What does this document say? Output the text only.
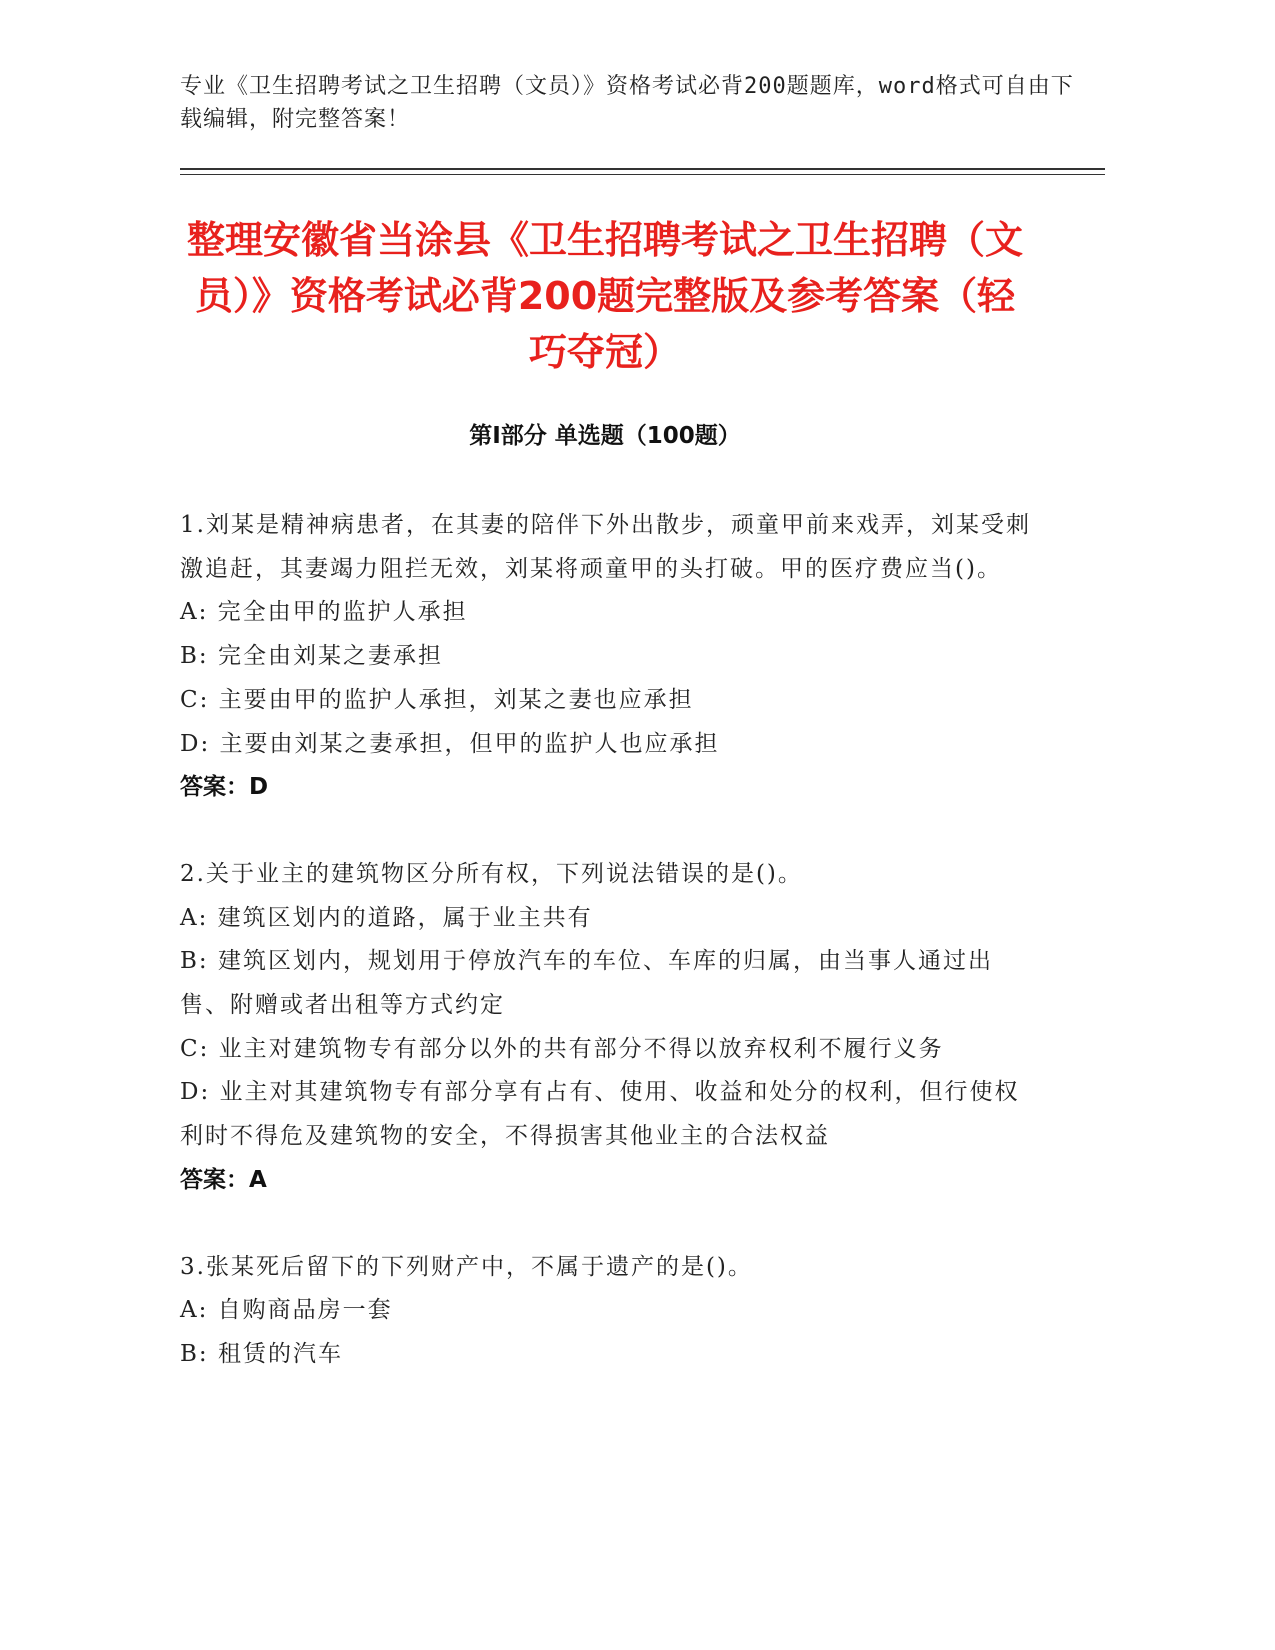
专业《卫生招聘考试之卫生招聘（文员）》资格考试必背200题题库，word格式可自由下载编辑，附完整答案！
整理安徽省当涂县《卫生招聘考试之卫生招聘（文员）》资格考试必背200题完整版及参考答案（轻巧夺冠）
第Ⅰ部分 单选题（100题）

1.刘某是精神病患者，在其妻的陪伴下外出散步，顽童甲前来戏弄，刘某受刺激追赶，其妻竭力阻拦无效，刘某将顽童甲的头打破。甲的医疗费应当()。

A: 完全由甲的监护人承担

B: 完全由刘某之妻承担

C: 主要由甲的监护人承担，刘某之妻也应承担

D: 主要由刘某之妻承担，但甲的监护人也应承担

答案：D

2.关于业主的建筑物区分所有权，下列说法错误的是()。

A: 建筑区划内的道路，属于业主共有

B: 建筑区划内，规划用于停放汽车的车位、车库的归属，由当事人通过出售、附赠或者出租等方式约定

C: 业主对建筑物专有部分以外的共有部分不得以放弃权利不履行义务

D: 业主对其建筑物专有部分享有占有、使用、收益和处分的权利，但行使权利时不得危及建筑物的安全，不得损害其他业主的合法权益

答案：A

3.张某死后留下的下列财产中，不属于遗产的是()。

A: 自购商品房一套

B: 租赁的汽车
